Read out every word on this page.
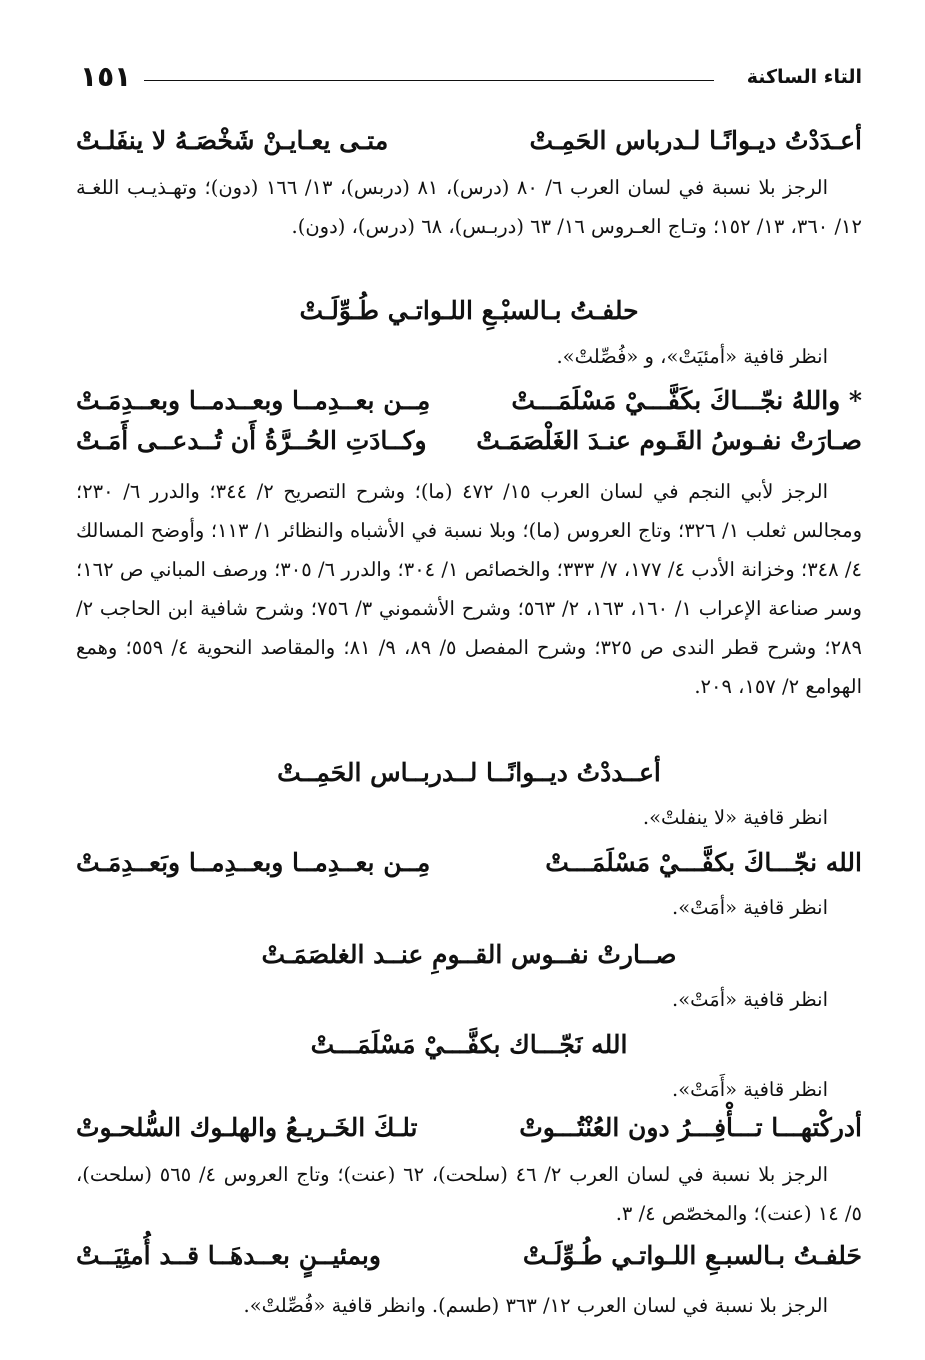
التاء الساكنة
١٥١
أعـدَدْتُ ديـوانًـا لـدرباس الحَمِـتْ
متـى يعـايـنْ شَخْصَـهُ لا ينفَلـتْ
الرجز بلا نسبة في لسان العرب ٦/ ٨٠ (درس)، ٨١ (دربس)، ١٣/ ١٦٦ (دون)؛ وتهـذيـب اللغـة ١٢/ ٣٦٠، ١٣/ ١٥٢؛ وتـاج العـروس ١٦/ ٦٣ (دربـس)، ٦٨ (درس)، (دون).
حلفـتُ بـالسبْـعِ اللـواتـي طُـوِّلَـتْ
انظر قافية «أمئيَتْ»، و «فُصِّلتْ».
* واللهُ نجّـــاكَ بكَفَّـــيْ مَسْلَمَـــتْ
مِــن بعــدِمــا وبعــدمــا وبعــدِمَـتْ
صـارَتْ نفـوسُ القَـوم عنـدَ الغَلْصَمَـتْ
وكــادَتِ الحُــرَّةُ أَن تُــدعــى أَمَـتْ
الرجز لأبي النجم في لسان العرب ١٥/ ٤٧٢ (ما)؛ وشرح التصريح ٢/ ٣٤٤؛ والدرر ٦/ ٢٣٠؛ ومجالس ثعلب ١/ ٣٢٦؛ وتاج العروس (ما)؛ وبلا نسبة في الأشباه والنظائر ١/ ١١٣؛ وأوضح المسالك ٤/ ٣٤٨؛ وخزانة الأدب ٤/ ١٧٧، ٧/ ٣٣٣؛ والخصائص ١/ ٣٠٤؛ والدرر ٦/ ٣٠٥؛ ورصف المباني ص ١٦٢؛ وسر صناعة الإعراب ١/ ١٦٠، ١٦٣، ٢/ ٥٦٣؛ وشرح الأشموني ٣/ ٧٥٦؛ وشرح شافية ابن الحاجب ٢/ ٢٨٩؛ وشرح قطر الندى ص ٣٢٥؛ وشرح المفصل ٥/ ٨٩، ٩/ ٨١؛ والمقاصد النحوية ٤/ ٥٥٩؛ وهمع الهوامع ٢/ ١٥٧، ٢٠٩.
أعــددْتُ ديــوانًــا لــدربــاس الحَمِــتْ
انظر قافية «لا ينفلتْ».
الله نجّـــاكَ بكفَّـــيْ مَسْلَمَـــتْ
مِــن بعــدِمــا وبعــدِمــا وبَعــدِمَـتْ
انظر قافية «أمَتْ».
صــارتْ نفــوس القــومِ عنــد الغلصَمَـتْ
انظر قافية «أمَتْ».
الله نَجّـــاك بكفَّـــيْ مَسْلَمَـــتْ
انظر قافية «أَمَتْ».
أدركْتهـــا تـــأْفِـــرُ دون العُنْتُـــوتْ
تلـكَ الخَـريـعُ والهلـوك السُّلحـوتْ
الرجز بلا نسبة في لسان العرب ٢/ ٤٦ (سلحت)، ٦٢ (عنت)؛ وتاج العروس ٤/ ٥٦٥ (سلحت)، ٥/ ١٤ (عنت)؛ والمخصّص ٤/ ٣.
حَلفـتُ بـالسبـعِ اللـواتـي طُـوِّلَـتْ
وبمئيــنٍ بعــدهَــا قــد أُمئِيَــتْ
الرجز بلا نسبة في لسان العرب ١٢/ ٣٦٣ (طسم). وانظر قافية «فُصِّلتْ».
